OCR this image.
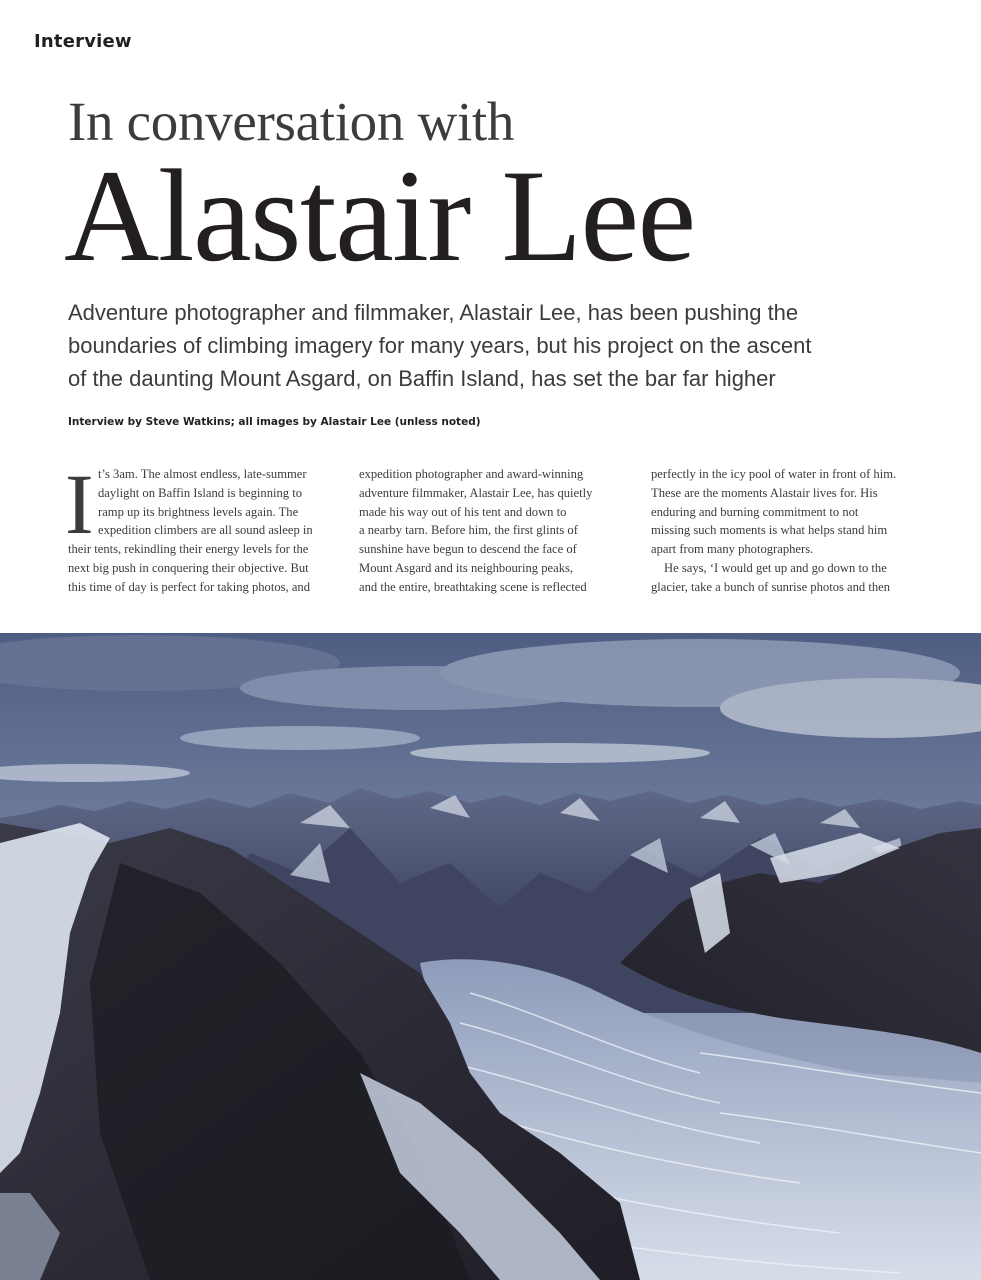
Interview
In conversation with
Alastair Lee
Adventure photographer and filmmaker, Alastair Lee, has been pushing the
boundaries of climbing imagery for many years, but his project on the ascent
of the daunting Mount Asgard, on Baffin Island, has set the bar far higher
Interview by Steve Watkins; all images by Alastair Lee (unless noted)
I t’s 3am. The almost endless, late-summer
daylight on Baffin Island is beginning to
ramp up its brightness levels again. The
expedition climbers are all sound asleep in
their tents, rekindling their energy levels for the
next big push in conquering their objective. But
this time of day is perfect for taking photos, and
expedition photographer and award-winning
adventure filmmaker, Alastair Lee, has quietly
made his way out of his tent and down to
a nearby tarn. Before him, the first glints of
sunshine have begun to descend the face of
Mount Asgard and its neighbouring peaks,
and the entire, breathtaking scene is reflected
perfectly in the icy pool of water in front of him.
These are the moments Alastair lives for. His
enduring and burning commitment to not
missing such moments is what helps stand him
apart from many photographers.
He says, ‘I would get up and go down to the
glacier, take a bunch of sunrise photos and then
